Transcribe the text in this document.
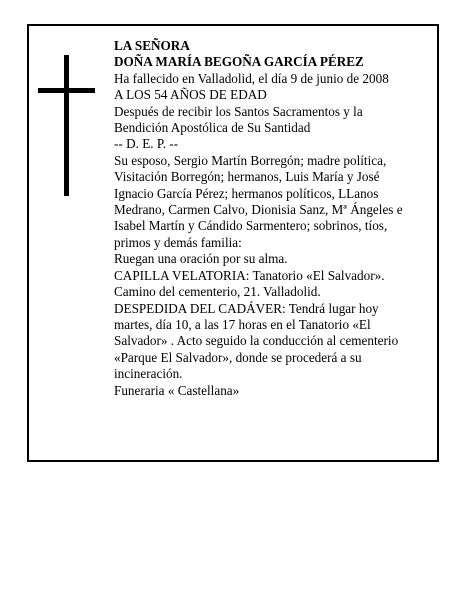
LA SEÑORA

DOÑA MARÍA BEGOÑA GARCÍA PÉREZ

Ha fallecido en Valladolid, el día 9 de junio de 2008

A LOS 54 AÑOS DE EDAD

Después de recibir los Santos Sacramentos y la
Bendición Apostólica de Su Santidad

-- D. E. P. --

Su esposo, Sergio Martín Borregón; madre política,
Visitación Borregón; hermanos, Luis María y José
Ignacio García Pérez; hermanos políticos, LLanos
Medrano, Carmen Calvo, Dionisia Sanz, Mª Ángeles e
Isabel Martín y Cándido Sarmentero; sobrinos, tíos,
primos y demás familia:

Ruegan una oración por su alma.

CAPILLA VELATORIA: Tanatorio «El Salvador».
Camino del cementerio, 21. Valladolid.

DESPEDIDA DEL CADÁVER: Tendrá lugar hoy
martes, día 10, a las 17 horas en el Tanatorio «El
Salvador» . Acto seguido la conducción al cementerio
«Parque El Salvador», donde se procederá a su
incineración.

Funeraria « Castellana»
